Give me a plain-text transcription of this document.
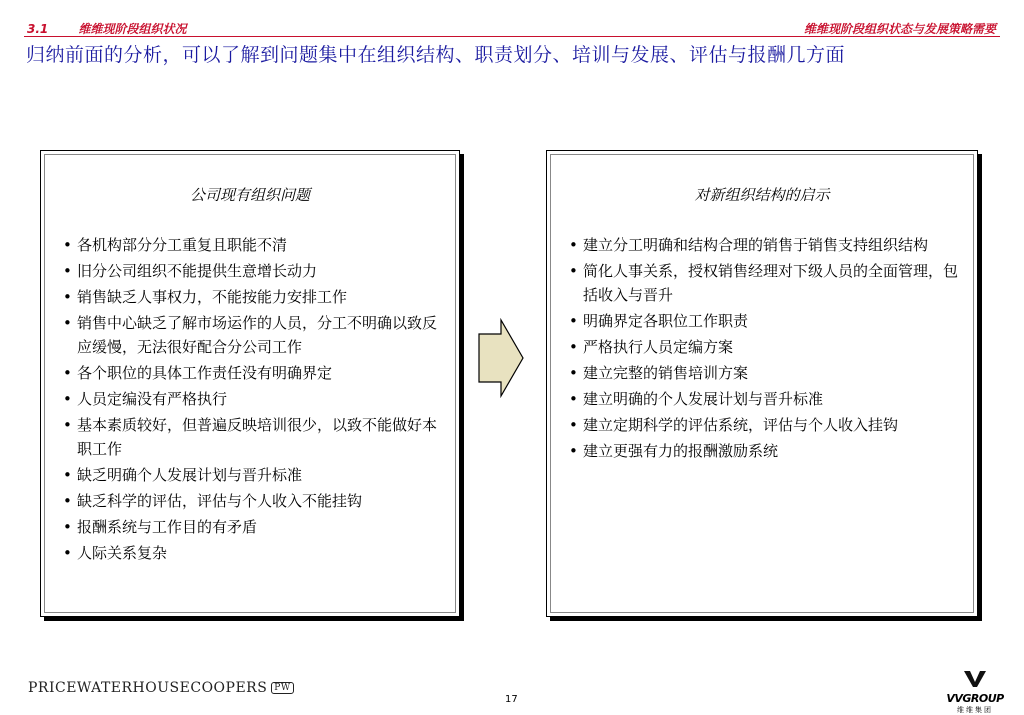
3.1	维维现阶段组织状况	维维现阶段组织状态与发展策略需要
归纳前面的分析，可以了解到问题集中在组织结构、职责划分、培训与发展、评估与报酬几方面
公司现有组织问题
• 各机构部分分工重复且职能不清
• 旧分公司组织不能提供生意增长动力
• 销售缺乏人事权力，不能按能力安排工作
• 销售中心缺乏了解市场运作的人员，分工不明确以致反应缓慢，无法很好配合分公司工作
• 各个职位的具体工作责任没有明确界定
• 人员定编没有严格执行
• 基本素质较好，但普遍反映培训很少，以致不能做好本职工作
• 缺乏明确个人发展计划与晋升标准
• 缺乏科学的评估，评估与个人收入不能挂钩
• 报酬系统与工作目的有矛盾
• 人际关系复杂
对新组织结构的启示
• 建立分工明确和结构合理的销售于销售支持组织结构
• 简化人事关系，授权销售经理对下级人员的全面管理，包括收入与晋升
• 明确界定各职位工作职责
• 严格执行人员定编方案
• 建立完整的销售培训方案
• 建立明确的个人发展计划与晋升标准
• 建立定期科学的评估系统，评估与个人收入挂钩
• 建立更强有力的报酬激励系统
PRICEWATERHOUSECOOPERS PW
17	VVGROUP
维维集团
